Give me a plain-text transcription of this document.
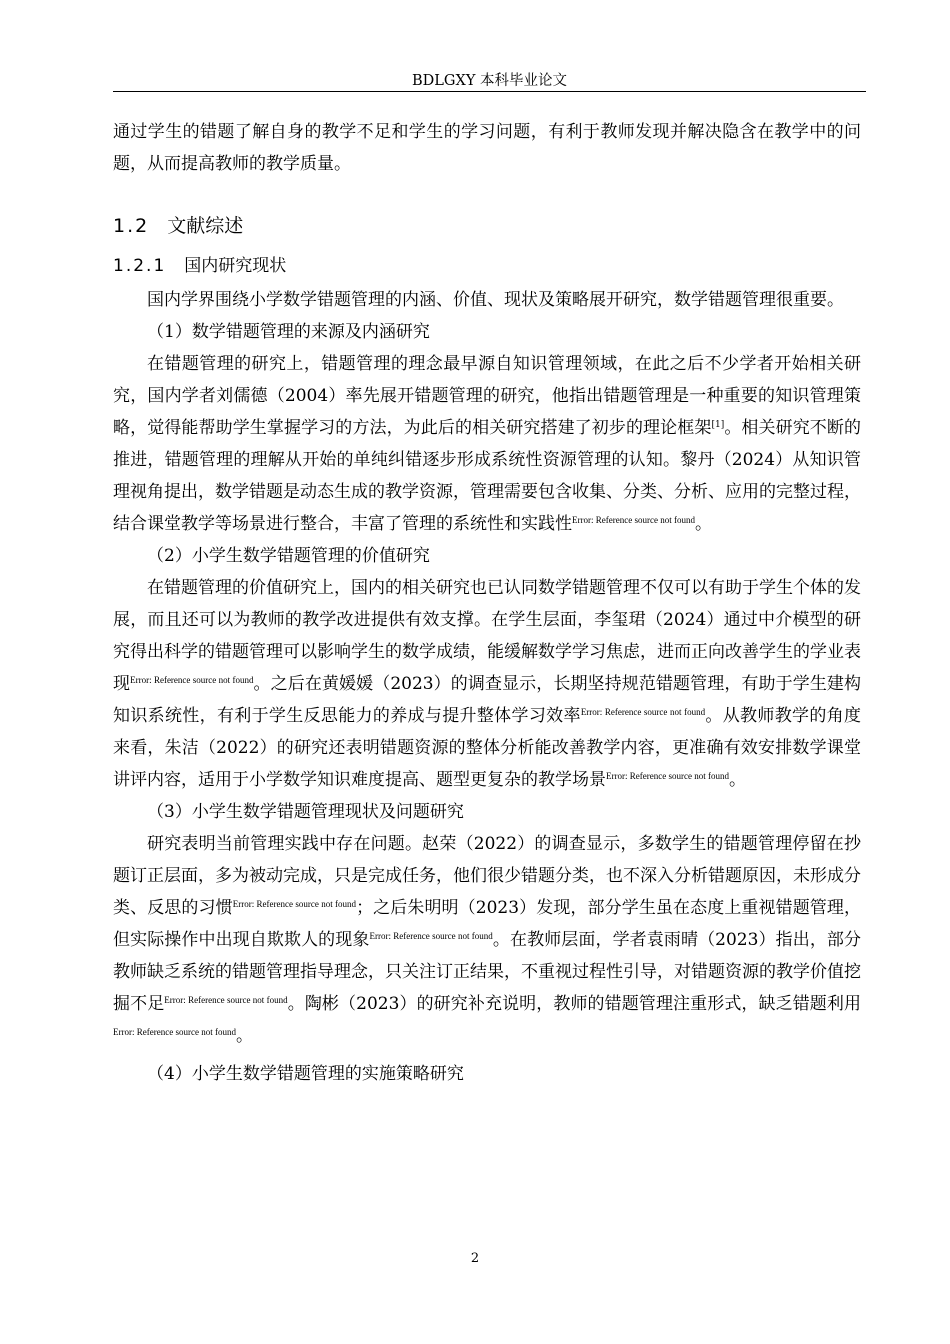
BDLGXY 本科毕业论文

通过学生的错题了解自身的教学不足和学生的学习问题，有利于教师发现并解决隐含在教学中的问题，从而提高教师的教学质量。

1.2 文献综述
1.2.1 国内研究现状

国内学界围绕小学数学错题管理的内涵、价值、现状及策略展开研究，数学错题管理很重要。

（1）数学错题管理的来源及内涵研究

在错题管理的研究上，错题管理的理念最早源自知识管理领域，在此之后不少学者开始相关研究，国内学者刘儒德（2004）率先展开错题管理的研究，他指出错题管理是一种重要的知识管理策略，觉得能帮助学生掌握学习的方法，为此后的相关研究搭建了初步的理论框架[1]。相关研究不断的推进，错题管理的理解从开始的单纯纠错逐步形成系统性资源管理的认知。黎丹（2024）从知识管理视角提出，数学错题是动态生成的教学资源，管理需要包含收集、分类、分析、应用的完整过程，结合课堂教学等场景进行整合，丰富了管理的系统性和实践性$^{Error: Reference source not found}$。

（2）小学生数学错题管理的价值研究

在错题管理的价值研究上，国内的相关研究也已认同数学错题管理不仅可以有助于学生个体的发展，而且还可以为教师的教学改进提供有效支撑。在学生层面，李玺珺（2024）通过中介模型的研究得出科学的错题管理可以影响学生的数学成绩，能缓解数学学习焦虑，进而正向改善学生的学业表现$^{Error: Reference source not found}$。之后在黄媛媛（2023）的调查显示，长期坚持规范错题管理，有助于学生建构知识系统性，有利于学生反思能力的养成与提升整体学习效率$^{Error: Reference source not found}$。从教师教学的角度来看，朱洁（2022）的研究还表明错题资源的整体分析能改善教学内容，更准确有效安排数学课堂讲评内容，适用于小学数学知识难度提高、题型更复杂的教学场景$^{Error: Reference source not found}$。

（3）小学生数学错题管理现状及问题研究

研究表明当前管理实践中存在问题。赵荣（2022）的调查显示，多数学生的错题管理停留在抄题订正层面，多为被动完成，只是完成任务，他们很少错题分类，也不深入分析错题原因，未形成分类、反思的习惯$^{Error: Reference source not found}$；之后朱明明（2023）发现，部分学生虽在态度上重视错题管理，但实际操作中出现自欺欺人的现象$^{Error: Reference source not found}$。在教师层面，学者袁雨晴（2023）指出，部分教师缺乏系统的错题管理指导理念，只关注订正结果，不重视过程性引导，对错题资源的教学价值挖掘不足$^{Error: Reference source not found}$。陶彬（2023）的研究补充说明，教师的错题管理注重形式，缺乏错题利用$^{Error: Reference source not found}$。

（4）小学生数学错题管理的实施策略研究

2
